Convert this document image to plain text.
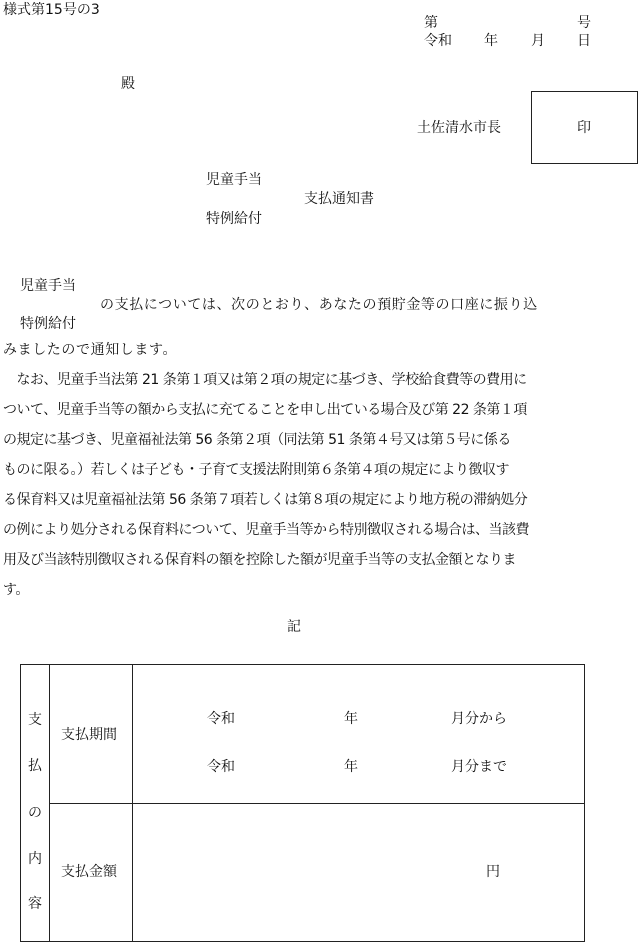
様式第15号の3
第	号
令和 年 月 日
殿
土佐清水市長	印
児童手当
支払通知書
特例給付
児童手当
の支払については、次のとおり、あなたの預貯金等の口座に振り込
特例給付
みましたので通知します。
　なお、児童手当法第 21 条第１項又は第２項の規定に基づき、学校給食費等の費用に
ついて、児童手当等の額から支払に充てることを申し出ている場合及び第 22 条第１項
の規定に基づき、児童福祉法第 56 条第２項（同法第 51 条第４号又は第５号に係る
ものに限る。）若しくは子ども・子育て支援法附則第６条第４項の規定により徴収す
る保育料又は児童福祉法第 56 条第７項若しくは第８項の規定により地方税の滞納処分
の例により処分される保育料について、児童手当等から特別徴収される場合は、当該費
用及び当該特別徴収される保育料の額を控除した額が児童手当等の支払金額となりま
す。
記
支
払
の
内
容
支払期間
令和	年	月分から
令和	年	月分まで
支払金額	円
